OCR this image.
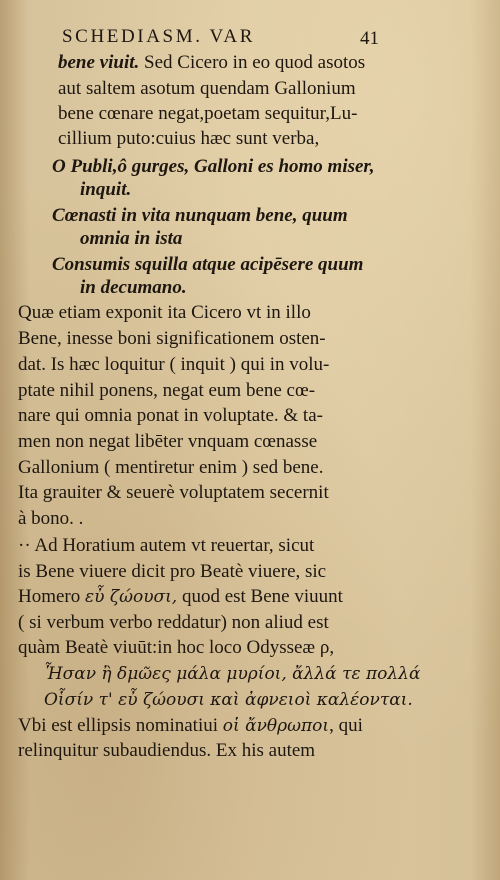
SCHEDIASM. VAR	41
bene viuit. Sed Cicero in eo quod asotos
aut saltem asotum quendam Gallonium
bene cœnare negat,poetam sequitur,Lu-
cillium puto:cuius hæc sunt verba,
O Publi,ô gurges, Galloni es homo miser,
inquit.
Cœnasti in vita nunquam bene, quum
omnia in ista
Consumis squilla atque acipēsere quum
in decumano.
Quæ etiam exponit ita Cicero vt in illo
Bene, inesse boni significationem osten-
dat. Is hæc loquitur ( inquit ) qui in volu-
ptate nihil ponens, negat eum bene cœ-
nare qui omnia ponat in voluptate. & ta-
men non negat libēter vnquam cœnasse
Gallonium ( mentiretur enim ) sed bene.
Ita grauiter & seuerè voluptatem secernit
à bono. .
·· Ad Horatium autem vt reuertar, sicut
is Bene viuere dicit pro Beatè viuere, sic
Homero εὖ ζώουσι, quod est Bene viuunt
( si verbum verbo reddatur) non aliud est
quàm Beatè viuūt:in hoc loco Odysseæ ρ,
Ἧσαν ἢ δμῶες μάλα μυρίοι, ἄλλά τε πολλά
Οἷσίν τ' εὖ ζώουσι καὶ ἀφνειοὶ καλέονται.
Vbi est ellipsis nominatiui οἱ ἄνθρωποι, qui
relinquitur subaudiendus. Ex his autem
